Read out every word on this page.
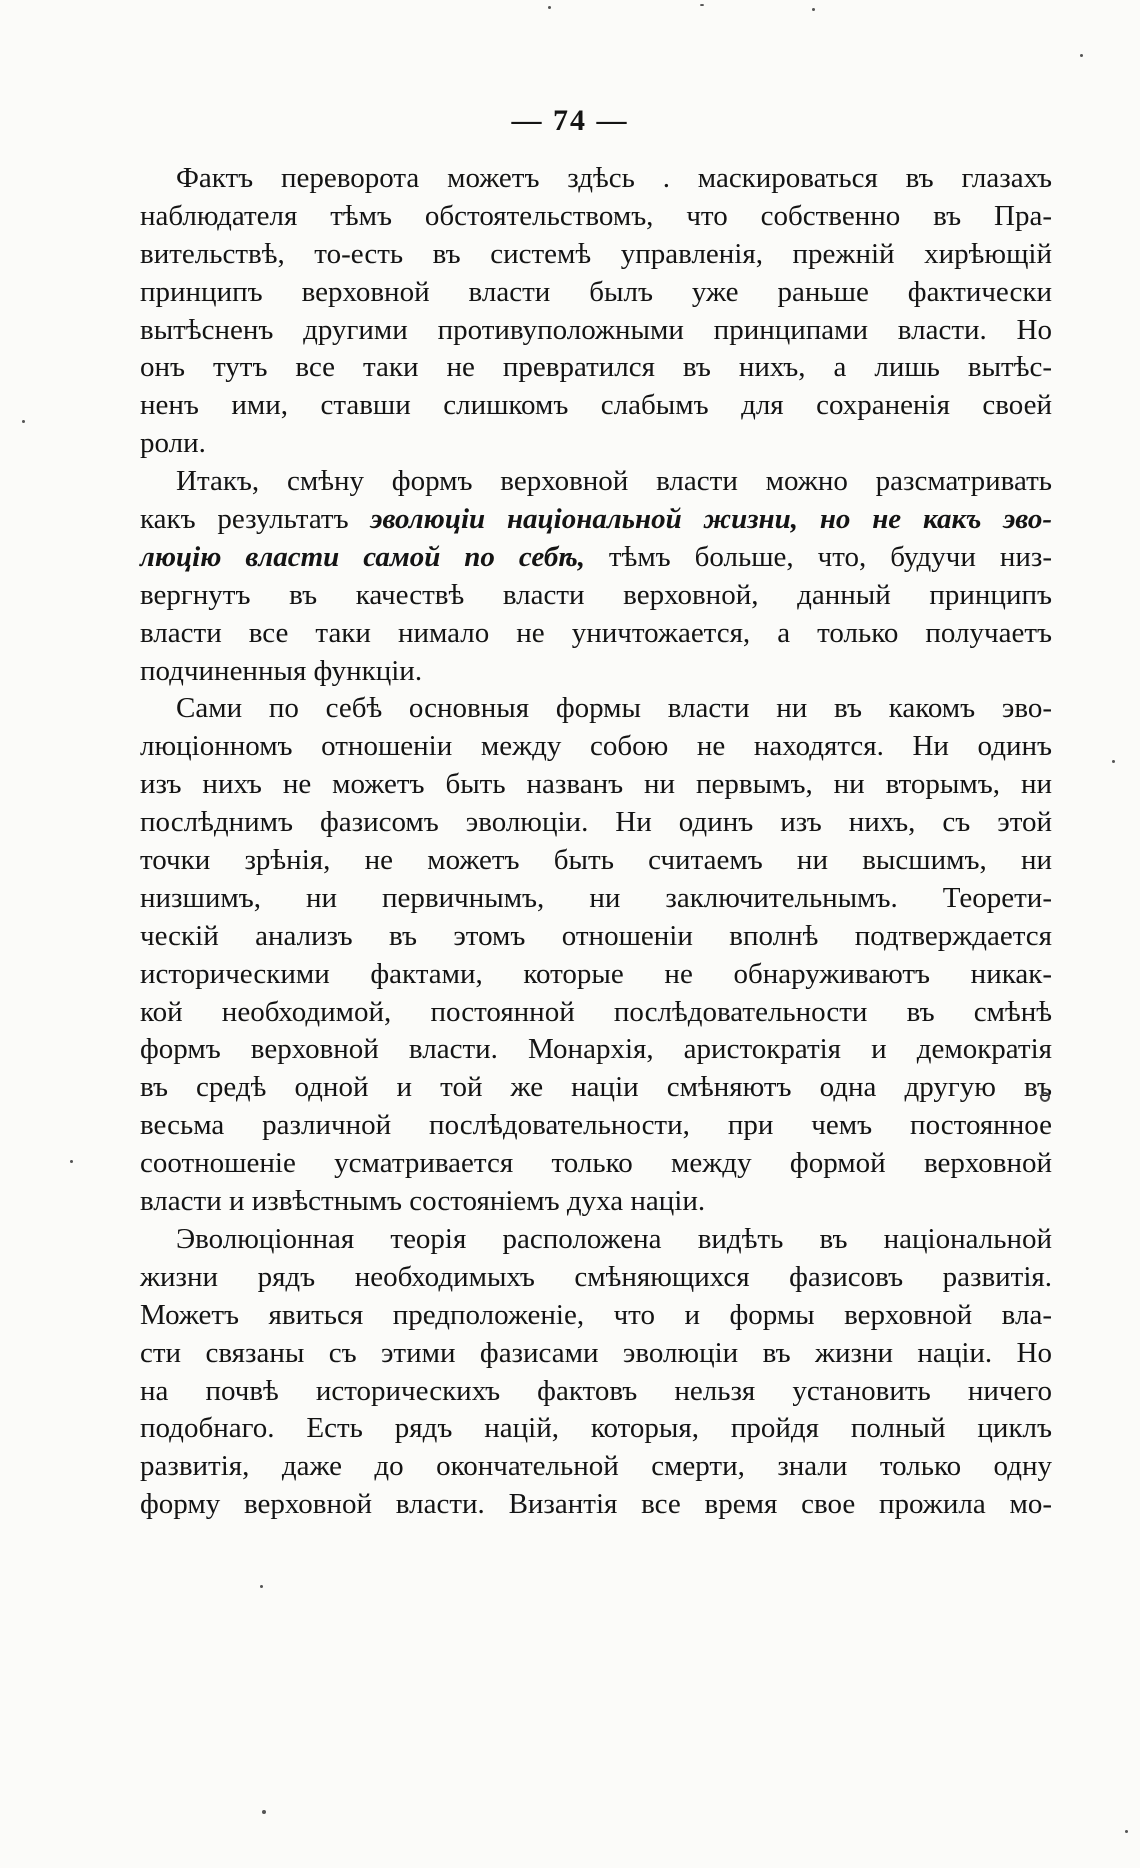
— 74 —
Фактъ переворота можетъ здѣсь . маскироваться въ глазахъ
наблюдателя тѣмъ обстоятельствомъ, что собственно въ Пра-
вительствѣ, то-есть въ системѣ управленія, прежній хирѣющій
принципъ верховной власти былъ уже раньше фактически
вытѣсненъ другими противуположными принципами власти. Но
онъ тутъ все таки не превратился въ нихъ, а лишь вытѣс-
ненъ ими, ставши слишкомъ слабымъ для сохраненія своей
роли.
Итакъ, смѣну формъ верховной власти можно разсматривать
какъ результатъ эволюціи національной жизни, но не какъ эво-
люцію власти самой по себѣ, тѣмъ больше, что, будучи низ-
вергнутъ въ качествѣ власти верховной, данный принципъ
власти все таки нимало не уничтожается, а только получаетъ
подчиненныя функціи.
Сами по себѣ основныя формы власти ни въ какомъ эво-
люціонномъ отношеніи между собою не находятся. Ни одинъ
изъ нихъ не можетъ быть названъ ни первымъ, ни вторымъ, ни
послѣднимъ фазисомъ эволюціи. Ни одинъ изъ нихъ, съ этой
точки зрѣнія, не можетъ быть считаемъ ни высшимъ, ни
низшимъ, ни первичнымъ, ни заключительнымъ. Теорети-
ческій анализъ въ этомъ отношеніи вполнѣ подтверждается
историческими фактами, которые не обнаруживаютъ никак-
кой необходимой, постоянной послѣдовательности въ смѣнѣ
формъ верховной власти. Монархія, аристократія и демократія
въ средѣ одной и той же націи смѣняютъ одна другую въ
весьма различной послѣдовательности, при чемъ постоянное
соотношеніе усматривается только между формой верховной
власти и извѣстнымъ состояніемъ духа націи.
Эволюціонная теорія расположена видѣть въ національной
жизни рядъ необходимыхъ смѣняющихся фазисовъ развитія.
Можетъ явиться предположеніе, что и формы верховной вла-
сти связаны съ этими фазисами эволюціи въ жизни націи. Но
на почвѣ историческихъ фактовъ нельзя установить ничего
подобнаго. Есть рядъ націй, которыя, пройдя полный циклъ
развитія, даже до окончательной смерти, знали только одну
форму верховной власти. Византія все время свое прожила мо-
